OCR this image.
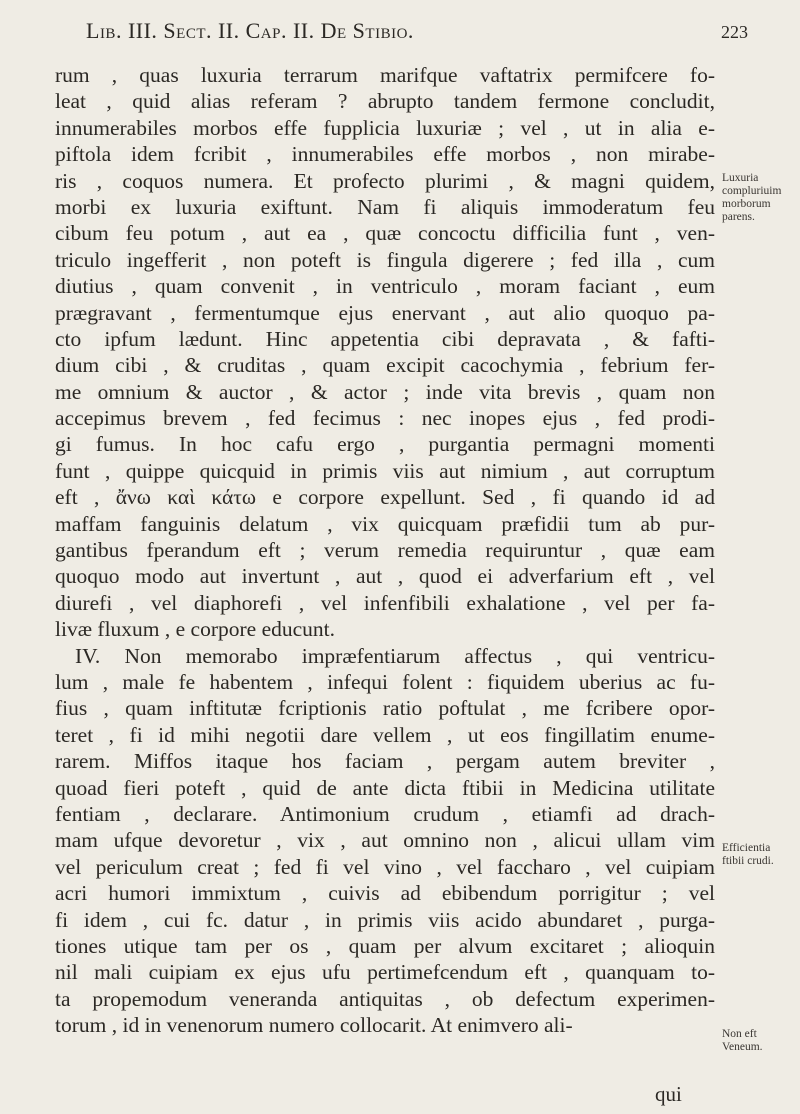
Lib. III. Sect. II. Cap. II. De Stibio.	223
rum , quas luxuria terrarum marifque vaftatrix permifcere fo-
leat , quid alias referam ? abrupto tandem fermone concludit,
innumerabiles morbos effe fupplicia luxuriæ ; vel , ut in alia e-
piftola idem fcribit , innumerabiles effe morbos , non mirabe-
ris , coquos numera. Et profecto plurimi , & magni quidem,
morbi ex luxuria exiftunt. Nam fi aliquis immoderatum feu
cibum feu potum , aut ea , quæ concoctu difficilia funt , ven-
triculo ingefferit , non poteft is fingula digerere ; fed illa , cum
diutius , quam convenit , in ventriculo , moram faciant , eum
prægravant , fermentumque ejus enervant , aut alio quoquo pa-
cto ipfum lædunt. Hinc appetentia cibi depravata , & fafti-
dium cibi , & cruditas , quam excipit cacochymia , febrium fer-
me omnium & auctor , & actor ; inde vita brevis , quam non
accepimus brevem , fed fecimus : nec inopes ejus , fed prodi-
gi fumus. In hoc cafu ergo , purgantia permagni momenti
funt , quippe quicquid in primis viis aut nimium , aut corruptum
eft , ἄνω καὶ κάτω e corpore expellunt. Sed , fi quando id ad
maffam fanguinis delatum , vix quicquam præfidii tum ab pur-
gantibus fperandum eft ; verum remedia requiruntur , quæ eam
quoquo modo aut invertunt , aut , quod ei adverfarium eft , vel
diurefi , vel diaphorefi , vel infenfibili exhalatione , vel per fa-
livæ fluxum , e corpore educunt.
IV. Non memorabo impræfentiarum affectus , qui ventricu-
lum , male fe habentem , infequi folent : fiquidem uberius ac fu-
fius , quam inftitutæ fcriptionis ratio poftulat , me fcribere opor-
teret , fi id mihi negotii dare vellem , ut eos fingillatim enume-
rarem. Miffos itaque hos faciam , pergam autem breviter ,
quoad fieri poteft , quid de ante dicta ftibii in Medicina utilitate
fentiam , declarare. Antimonium crudum , etiamfi ad drach-
mam ufque devoretur , vix , aut omnino non , alicui ullam vim
vel periculum creat ; fed fi vel vino , vel faccharo , vel cuipiam
acri humori immixtum , cuivis ad ebibendum porrigitur ; vel
fi idem , cui fc. datur , in primis viis acido abundaret , purga-
tiones utique tam per os , quam per alvum excitaret ; alioquin
nil mali cuipiam ex ejus ufu pertimefcendum eft , quanquam to-
ta propemodum veneranda antiquitas , ob defectum experimen-
torum , id in venenorum numero collocarit. At enimvero ali-
Luxuria
compluriuim
morborum
parens.
Efficientia
ftibii crudi.
Non eft
Veneum.
qui
